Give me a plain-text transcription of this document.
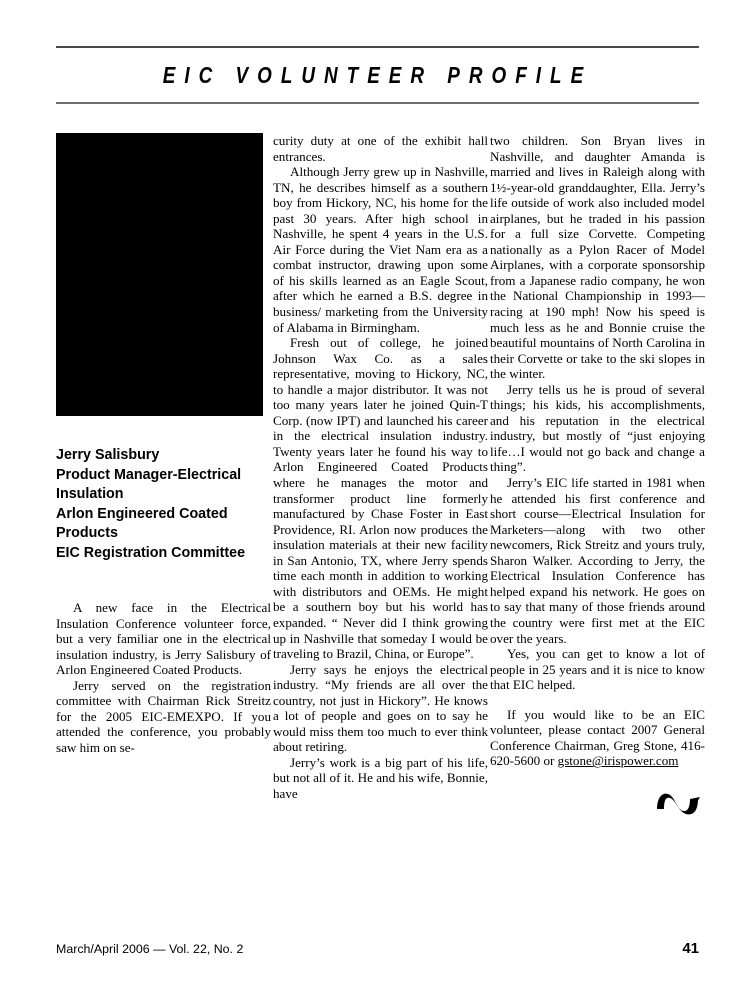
EIC VOLUNTEER PROFILE
Jerry Salisbury
Product Manager-Electrical Insulation
Arlon Engineered Coated Products
EIC Registration Committee

A new face in the Electrical Insulation Conference volunteer force, but a very familiar one in the electrical insulation industry, is Jerry Salisbury of Arlon Engineered Coated Products.

Jerry served on the registration committee with Chairman Rick Streitz for the 2005 EIC-EMEXPO. If you attended the conference, you probably saw him on se-

curity duty at one of the exhibit hall entrances.

Although Jerry grew up in Nashville, TN, he describes himself as a southern boy from Hickory, NC, his home for the past 30 years. After high school in Nashville, he spent 4 years in the U.S. Air Force during the Viet Nam era as a combat instructor, drawing upon some of his skills learned as an Eagle Scout, after which he earned a B.S. degree in business/ marketing from the University of Alabama in Birmingham.

Fresh out of college, he joined Johnson Wax Co. as a sales representative, moving to Hickory, NC, to handle a major distributor. It was not too many years later he joined Quin-T Corp. (now IPT) and launched his career in the electrical insulation industry. Twenty years later he found his way to Arlon Engineered Coated Products where he manages the motor and transformer product line formerly manufactured by Chase Foster in East Providence, RI. Arlon now produces the insulation materials at their new facility in San Antonio, TX, where Jerry spends time each month in addition to working with distributors and OEMs. He might be a southern boy but his world has expanded. “ Never did I think growing up in Nashville that someday I would be traveling to Brazil, China, or Europe”.

Jerry says he enjoys the electrical industry. “My friends are all over the country, not just in Hickory”. He knows a lot of people and goes on to say he would miss them too much to ever think about retiring.

Jerry’s work is a big part of his life, but not all of it. He and his wife, Bonnie, have

two children. Son Bryan lives in Nashville, and daughter Amanda is married and lives in Raleigh along with 1½-year-old granddaughter, Ella. Jerry’s life outside of work also included model airplanes, but he traded in his passion for a full size Corvette. Competing nationally as a Pylon Racer of Model Airplanes, with a corporate sponsorship from a Japanese radio company, he won the National Championship in 1993—racing at 190 mph! Now his speed is much less as he and Bonnie cruise the beautiful mountains of North Carolina in their Corvette or take to the ski slopes in the winter.

Jerry tells us he is proud of several things; his kids, his accomplishments, and his reputation in the electrical industry, but mostly of “just enjoying life…I would not go back and change a thing”.

Jerry’s EIC life started in 1981 when he attended his first conference and short course—Electrical Insulation for Marketers—along with two other newcomers, Rick Streitz and yours truly, Sharon Walker. According to Jerry, the Electrical Insulation Conference has helped expand his network. He goes on to say that many of those friends around the country were first met at the EIC over the years.

Yes, you can get to know a lot of people in 25 years and it is nice to know that EIC helped.

If you would like to be an EIC volunteer, please contact 2007 General Conference Chairman, Greg Stone, 416-620-5600 or gstone@irispower.com

March/April 2006 — Vol. 22, No. 2	41
